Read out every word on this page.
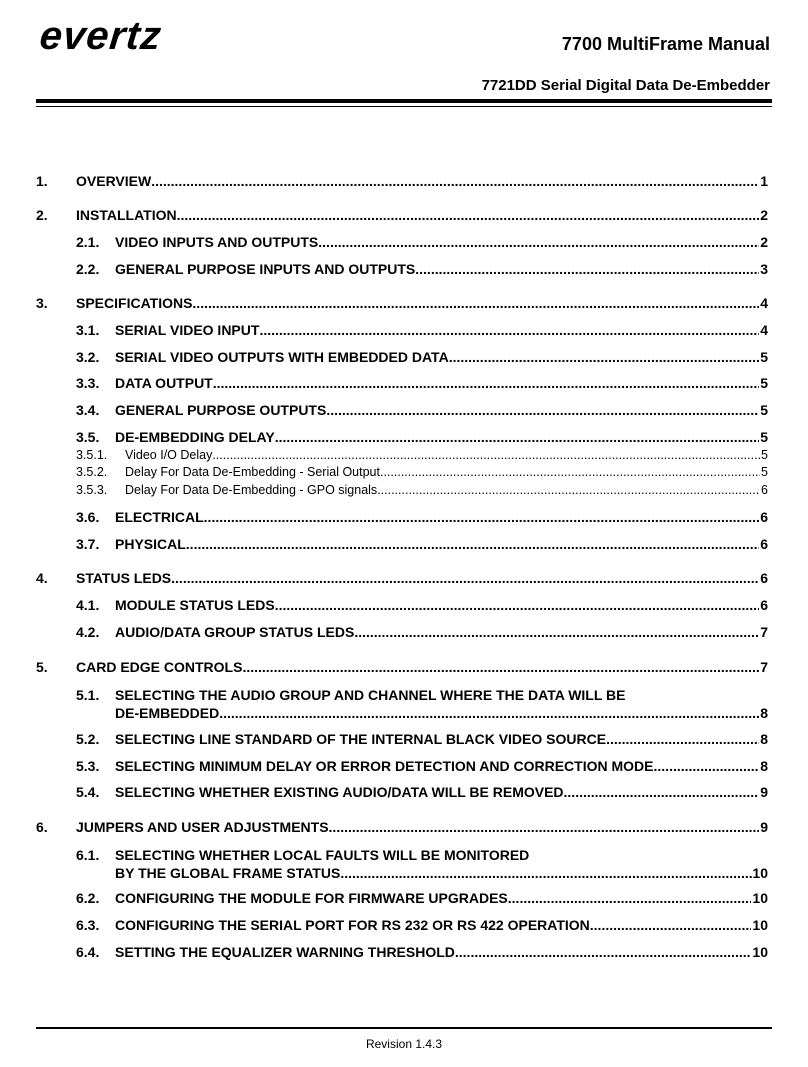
evertz	7700 MultiFrame Manual
7721DD Serial Digital Data De-Embedder
1.	OVERVIEW .....	1
2.	INSTALLATION .....	2
2.1.	VIDEO INPUTS AND OUTPUTS .....	2
2.2.	GENERAL PURPOSE INPUTS AND OUTPUTS .....	3
3.	SPECIFICATIONS .....	4
3.1.	SERIAL VIDEO INPUT .....	4
3.2.	SERIAL VIDEO OUTPUTS WITH EMBEDDED DATA .....	5
3.3.	DATA OUTPUT .....	5
3.4.	GENERAL PURPOSE OUTPUTS .....	5
3.5.	DE-EMBEDDING DELAY .....	5
3.5.1.	Video I/O Delay .....	5
3.5.2.	Delay For Data De-Embedding - Serial Output .....	5
3.5.3.	Delay For Data De-Embedding - GPO signals .....	6
3.6.	ELECTRICAL .....	6
3.7.	PHYSICAL .....	6
4.	STATUS LEDS .....	6
4.1.	MODULE STATUS LEDS .....	6
4.2.	AUDIO/DATA GROUP STATUS LEDS .....	7
5.	CARD EDGE CONTROLS .....	7
5.1. SELECTING THE AUDIO GROUP AND CHANNEL WHERE THE DATA WILL BE
DE-EMBEDDED .....	8
5.2.	SELECTING LINE STANDARD OF THE INTERNAL BLACK VIDEO SOURCE .....	8
5.3.	SELECTING MINIMUM DELAY OR ERROR DETECTION AND CORRECTION MODE .....	8
5.4.	SELECTING WHETHER EXISTING AUDIO/DATA WILL BE REMOVED .....	9
6.	JUMPERS AND USER ADJUSTMENTS .....	9
6.1. SELECTING WHETHER LOCAL FAULTS WILL BE MONITORED
BY THE GLOBAL FRAME STATUS .....	10
6.2.	CONFIGURING THE MODULE FOR FIRMWARE UPGRADES .....	10
6.3.	CONFIGURING THE SERIAL PORT FOR RS 232 OR RS 422 OPERATION .....	10
6.4.	SETTING THE EQUALIZER WARNING THRESHOLD .....	10
Revision 1.4.3
